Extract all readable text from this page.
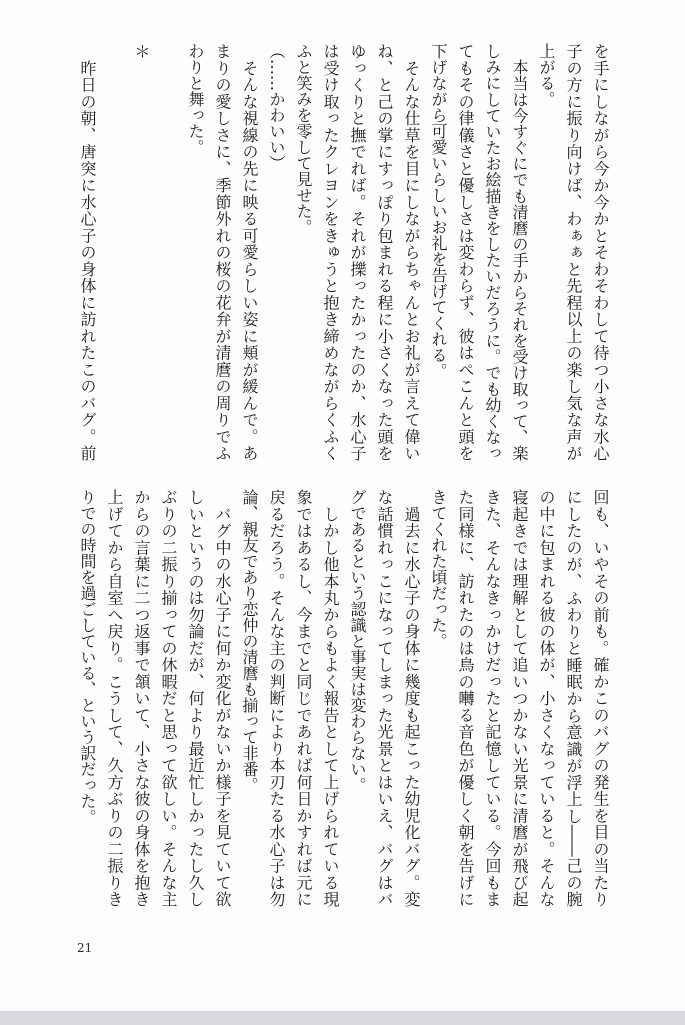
を手にしながら今か今かとそわそわして待つ小さな水心
子の方に振り向けば、わぁぁと先程以上の楽し気な声が
上がる。
　本当は今すぐにでも清麿の手からそれを受け取って、楽
しみにしていたお絵描きをしたいだろうに。でも幼くなっ
てもその律儀さと優しさは変わらず、彼はぺこんと頭を
下げながら可愛いらしいお礼を告げてくれる。
　そんな仕草を目にしながらちゃんとお礼が言えて偉い
ね、と己の掌にすっぽり包まれる程に小さくなった頭を
ゆっくりと撫でれば。それが擽ったかったのか、水心子
は受け取ったクレヨンをきゅうと抱き締めながらくふく
ふと笑みを零して見せた。
（……かわいい）
　そんな視線の先に映る可愛らしい姿に頬が緩んで。あ
まりの愛しさに、季節外れの桜の花弁が清麿の周りでふ
わりと舞った。
＊
　昨日の朝、唐突に水心子の身体に訪れたこのバグ。前
回も、いやその前も。確かこのバグの発生を目の当たり
にしたのが、ふわりと睡眠から意識が浮上し――己の腕
の中に包まれる彼の体が、小さくなっていると。そんな
寝起きでは理解として追いつかない光景に清麿が飛び起
きた、そんなきっかけだったと記憶している。今回もま
た同様に、訪れたのは鳥の囀る音色が優しく朝を告げに
きてくれた頃だった。
　過去に水心子の身体に幾度も起こった幼児化バグ。変
な話慣れっこになってしまった光景とはいえ、バグはバ
グであるという認識と事実は変わらない。
　しかし他本丸からもよく報告として上げられている現
象ではあるし、今までと同じであれば何日かすれば元に
戻るだろう。そんな主の判断により本刃たる水心子は勿
論、親友であり恋仲の清麿も揃って非番。
　バグ中の水心子に何か変化がないか様子を見ていて欲
しいというのは勿論だが、何より最近忙しかったし久し
ぶりの二振り揃っての休暇だと思って欲しい。そんな主
からの言葉に二つ返事で頷いて、小さな彼の身体を抱き
上げてから自室へ戻り。こうして、久方ぶりの二振りき
りでの時間を過ごしている、という訳だった。
21
